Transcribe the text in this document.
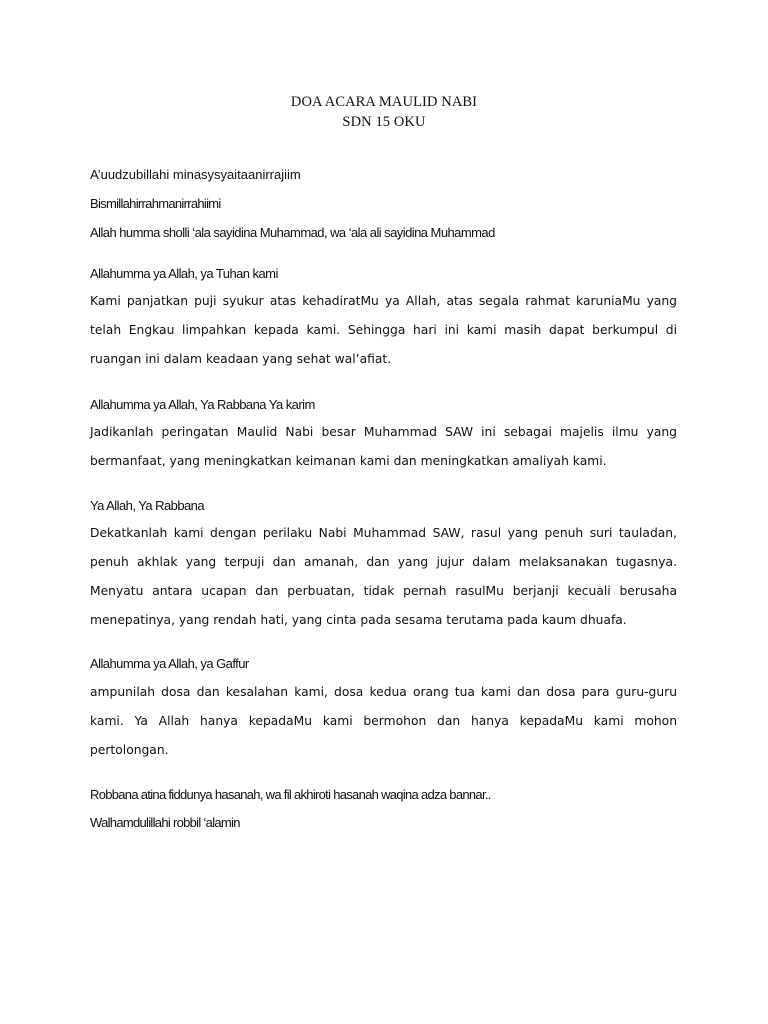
DOA ACARA MAULID NABI
SDN 15 OKU
A’uudzubillahi minasysyaitaanirrajiim
Bismillahirrahmanirrahiimi
Allah humma sholli ‘ala sayidina Muhammad, wa ‘ala ali sayidina Muhammad
Allahumma ya Allah, ya Tuhan kami

Kami panjatkan puji syukur atas kehadiratMu ya Allah, atas segala rahmat karuniaMu yang telah Engkau limpahkan kepada kami. Sehingga hari ini kami masih dapat berkumpul di ruangan ini dalam keadaan yang sehat wal’afiat.

Allahumma ya Allah, Ya Rabbana Ya karim

Jadikanlah peringatan Maulid Nabi besar Muhammad SAW ini sebagai majelis ilmu yang bermanfaat, yang meningkatkan keimanan kami dan meningkatkan amaliyah kami.

Ya Allah, Ya Rabbana

Dekatkanlah kami dengan perilaku Nabi Muhammad SAW, rasul yang penuh suri tauladan, penuh akhlak yang terpuji dan amanah, dan yang jujur dalam melaksanakan tugasnya. Menyatu antara ucapan dan perbuatan, tidak pernah rasulMu berjanji kecuali berusaha menepatinya, yang rendah hati, yang cinta pada sesama terutama pada kaum dhuafa.

Allahumma ya Allah, ya Gaffur

ampunilah dosa dan kesalahan kami, dosa kedua orang tua kami dan dosa para guru-guru kami. Ya Allah hanya kepadaMu kami bermohon dan hanya kepadaMu kami mohon pertolongan.

Robbana atina fiddunya hasanah, wa fil akhiroti hasanah waqina adza bannar..
Walhamdulillahi robbil ‘alamin
